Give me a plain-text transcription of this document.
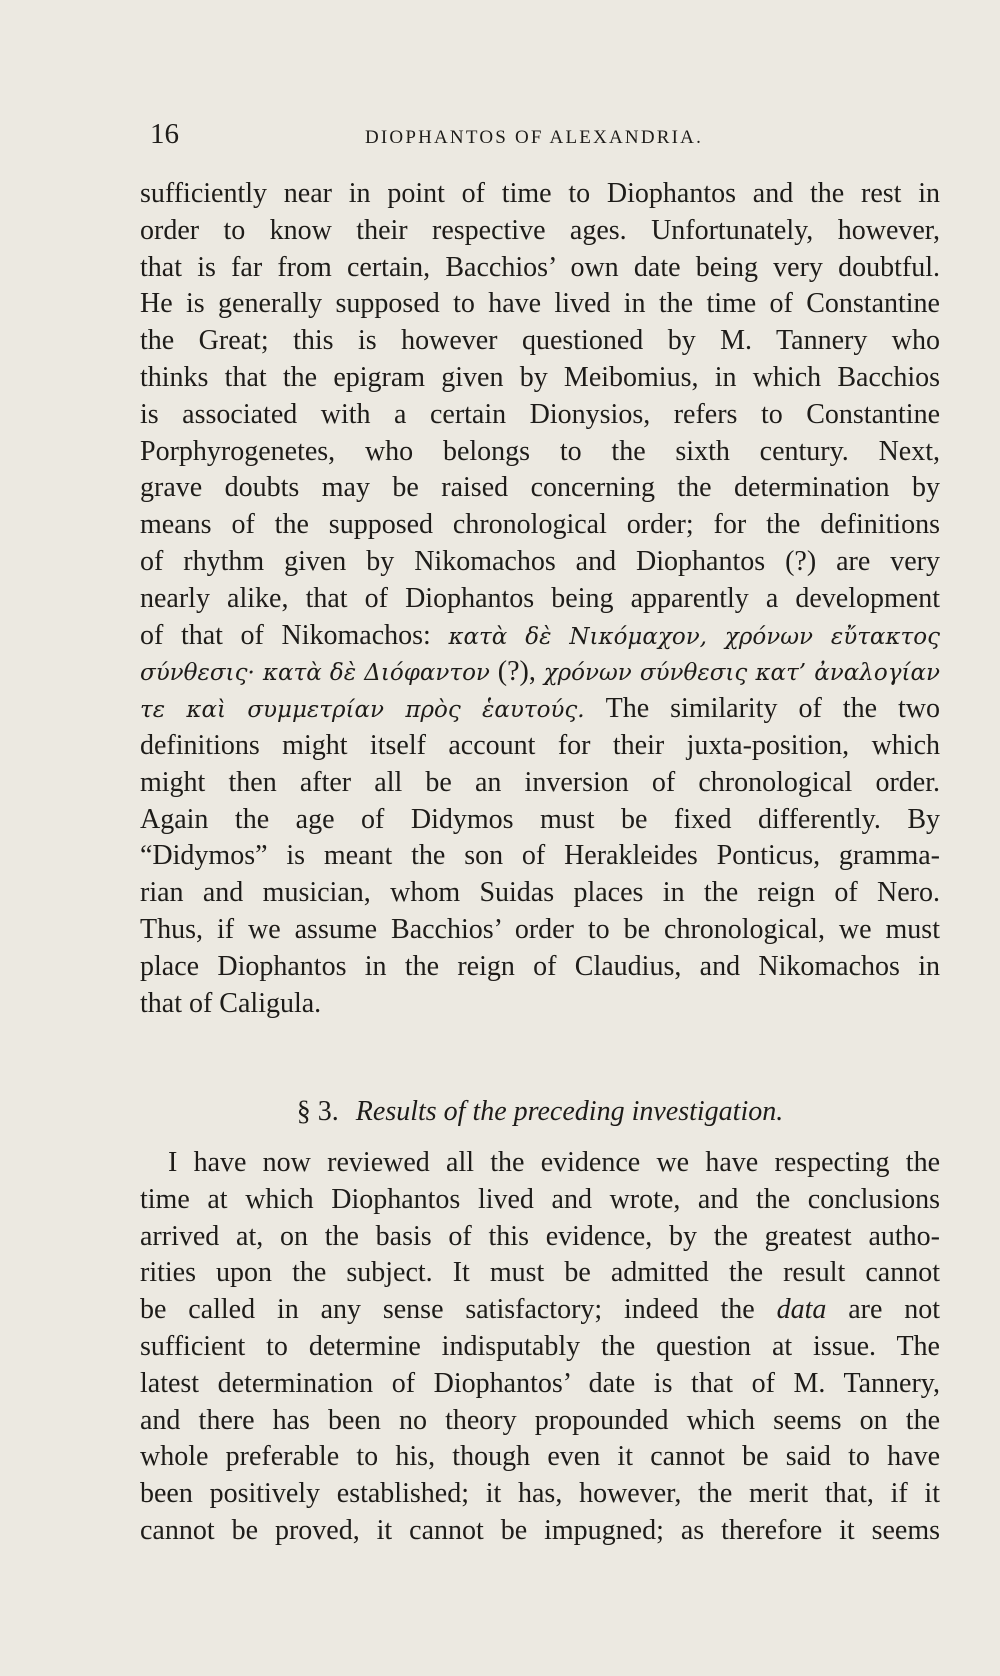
16	DIOPHANTOS OF ALEXANDRIA.
sufficiently near in point of time to Diophantos and the rest in
order to know their respective ages. Unfortunately, however,
that is far from certain, Bacchios’ own date being very doubtful.
He is generally supposed to have lived in the time of Constantine
the Great; this is however questioned by M. Tannery who
thinks that the epigram given by Meibomius, in which Bacchios
is associated with a certain Dionysios, refers to Constantine
Porphyrogenetes, who belongs to the sixth century. Next,
grave doubts may be raised concerning the determination by
means of the supposed chronological order; for the definitions
of rhythm given by Nikomachos and Diophantos (?) are very
nearly alike, that of Diophantos being apparently a development
of that of Nikomachos: κατὰ δὲ Νικόμαχον, χρόνων εὔτακτος
σύνθεσις· κατὰ δὲ Διόφαντον (?), χρόνων σύνθεσις κατ’ ἀναλογίαν
τε καὶ συμμετρίαν πρὸς ἑαυτούς. The similarity of the two
definitions might itself account for their juxta-position, which
might then after all be an inversion of chronological order.
Again the age of Didymos must be fixed differently. By
“Didymos” is meant the son of Herakleides Ponticus, gramma-
rian and musician, whom Suidas places in the reign of Nero.
Thus, if we assume Bacchios’ order to be chronological, we must
place Diophantos in the reign of Claudius, and Nikomachos in
that of Caligula.
§ 3. Results of the preceding investigation.
I have now reviewed all the evidence we have respecting the
time at which Diophantos lived and wrote, and the conclusions
arrived at, on the basis of this evidence, by the greatest autho-
rities upon the subject. It must be admitted the result cannot
be called in any sense satisfactory; indeed the data are not
sufficient to determine indisputably the question at issue. The
latest determination of Diophantos’ date is that of M. Tannery,
and there has been no theory propounded which seems on the
whole preferable to his, though even it cannot be said to have
been positively established; it has, however, the merit that, if it
cannot be proved, it cannot be impugned; as therefore it seems
